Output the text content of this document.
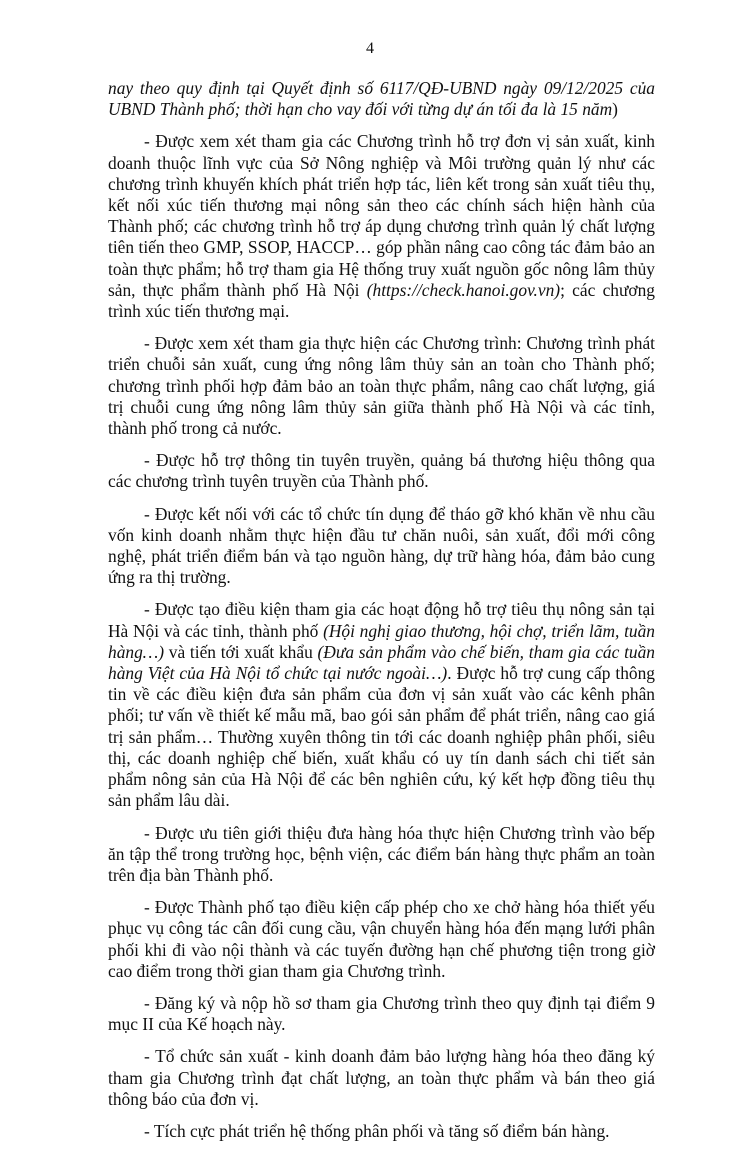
4

nay theo quy định tại Quyết định số 6117/QĐ-UBND ngày 09/12/2025 của UBND Thành phố; thời hạn cho vay đối với từng dự án tối đa là 15 năm)

- Được xem xét tham gia các Chương trình hỗ trợ đơn vị sản xuất, kinh doanh thuộc lĩnh vực của Sở Nông nghiệp và Môi trường quản lý như các chương trình khuyến khích phát triển hợp tác, liên kết trong sản xuất tiêu thụ, kết nối xúc tiến thương mại nông sản theo các chính sách hiện hành của Thành phố; các chương trình hỗ trợ áp dụng chương trình quản lý chất lượng tiên tiến theo GMP, SSOP, HACCP… góp phần nâng cao công tác đảm bảo an toàn thực phẩm; hỗ trợ tham gia Hệ thống truy xuất nguồn gốc nông lâm thủy sản, thực phẩm thành phố Hà Nội (https://check.hanoi.gov.vn); các chương trình xúc tiến thương mại.

- Được xem xét tham gia thực hiện các Chương trình: Chương trình phát triển chuỗi sản xuất, cung ứng nông lâm thủy sản an toàn cho Thành phố; chương trình phối hợp đảm bảo an toàn thực phẩm, nâng cao chất lượng, giá trị chuỗi cung ứng nông lâm thủy sản giữa thành phố Hà Nội và các tỉnh, thành phố trong cả nước.

- Được hỗ trợ thông tin tuyên truyền, quảng bá thương hiệu thông qua các chương trình tuyên truyền của Thành phố.

- Được kết nối với các tổ chức tín dụng để tháo gỡ khó khăn về nhu cầu vốn kinh doanh nhằm thực hiện đầu tư chăn nuôi, sản xuất, đổi mới công nghệ, phát triển điểm bán và tạo nguồn hàng, dự trữ hàng hóa, đảm bảo cung ứng ra thị trường.

- Được tạo điều kiện tham gia các hoạt động hỗ trợ tiêu thụ nông sản tại Hà Nội và các tỉnh, thành phố (Hội nghị giao thương, hội chợ, triển lãm, tuần hàng…) và tiến tới xuất khẩu (Đưa sản phẩm vào chế biến, tham gia các tuần hàng Việt của Hà Nội tổ chức tại nước ngoài…). Được hỗ trợ cung cấp thông tin về các điều kiện đưa sản phẩm của đơn vị sản xuất vào các kênh phân phối; tư vấn về thiết kế mẫu mã, bao gói sản phẩm để phát triển, nâng cao giá trị sản phẩm… Thường xuyên thông tin tới các doanh nghiệp phân phối, siêu thị, các doanh nghiệp chế biến, xuất khẩu có uy tín danh sách chi tiết sản phẩm nông sản của Hà Nội để các bên nghiên cứu, ký kết hợp đồng tiêu thụ sản phẩm lâu dài.

- Được ưu tiên giới thiệu đưa hàng hóa thực hiện Chương trình vào bếp ăn tập thể trong trường học, bệnh viện, các điểm bán hàng thực phẩm an toàn trên địa bàn Thành phố.

- Được Thành phố tạo điều kiện cấp phép cho xe chở hàng hóa thiết yếu phục vụ công tác cân đối cung cầu, vận chuyển hàng hóa đến mạng lưới phân phối khi đi vào nội thành và các tuyến đường hạn chế phương tiện trong giờ cao điểm trong thời gian tham gia Chương trình.

- Đăng ký và nộp hồ sơ tham gia Chương trình theo quy định tại điểm 9 mục II của Kế hoạch này.

- Tổ chức sản xuất - kinh doanh đảm bảo lượng hàng hóa theo đăng ký tham gia Chương trình đạt chất lượng, an toàn thực phẩm và bán theo giá thông báo của đơn vị.

- Tích cực phát triển hệ thống phân phối và tăng số điểm bán hàng.
